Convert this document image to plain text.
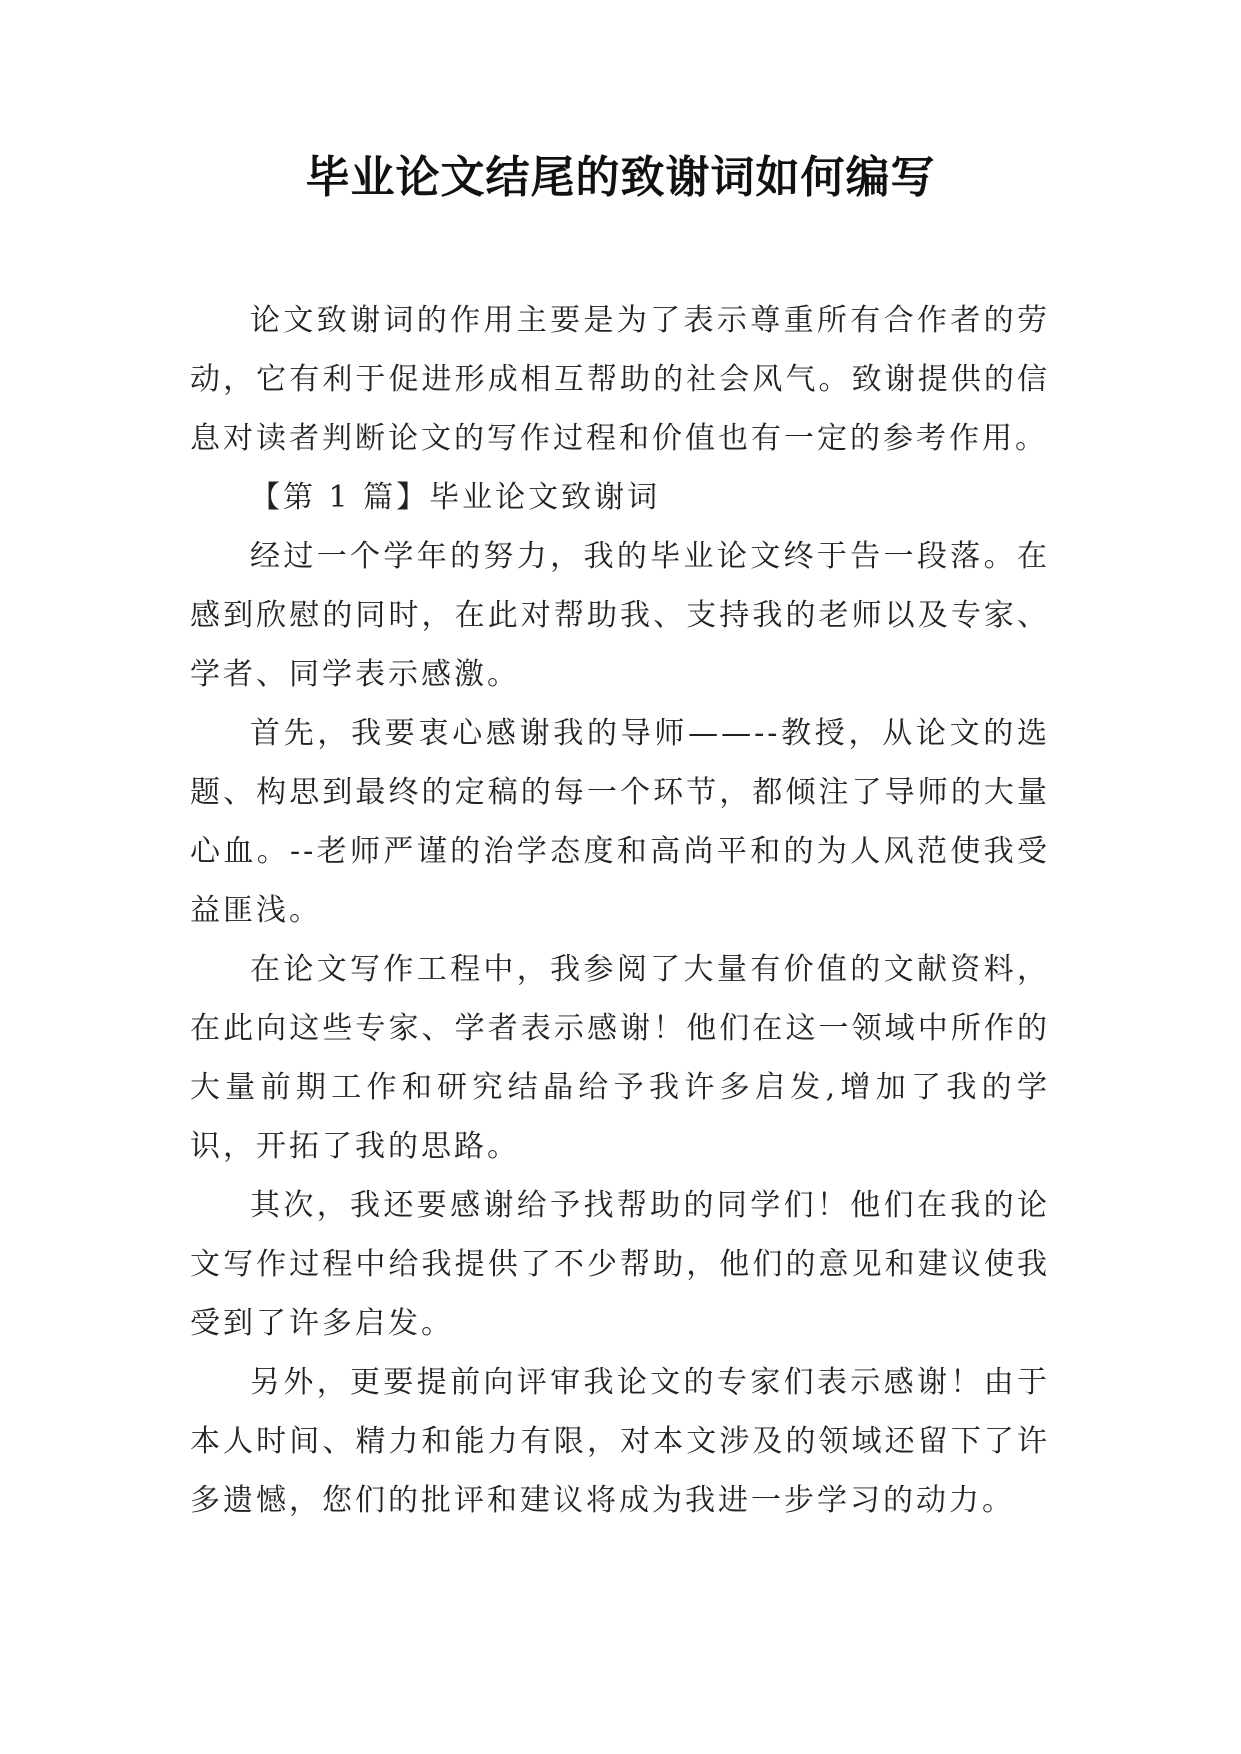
毕业论文结尾的致谢词如何编写

论文致谢词的作用主要是为了表示尊重所有合作者的劳动，它有利于促进形成相互帮助的社会风气。致谢提供的信息对读者判断论文的写作过程和价值也有一定的参考作用。

【第 1 篇】毕业论文致谢词

经过一个学年的努力，我的毕业论文终于告一段落。在感到欣慰的同时，在此对帮助我、支持我的老师以及专家、学者、同学表示感激。

首先，我要衷心感谢我的导师——--教授，从论文的选题、构思到最终的定稿的每一个环节，都倾注了导师的大量心血。--老师严谨的治学态度和高尚平和的为人风范使我受益匪浅。

在论文写作工程中，我参阅了大量有价值的文献资料，在此向这些专家、学者表示感谢！他们在这一领域中所作的大量前期工作和研究结晶给予我许多启发,增加了我的学识，开拓了我的思路。

其次，我还要感谢给予找帮助的同学们！他们在我的论文写作过程中给我提供了不少帮助，他们的意见和建议使我受到了许多启发。

另外，更要提前向评审我论文的专家们表示感谢！由于本人时间、精力和能力有限，对本文涉及的领域还留下了许多遗憾，您们的批评和建议将成为我进一步学习的动力。
